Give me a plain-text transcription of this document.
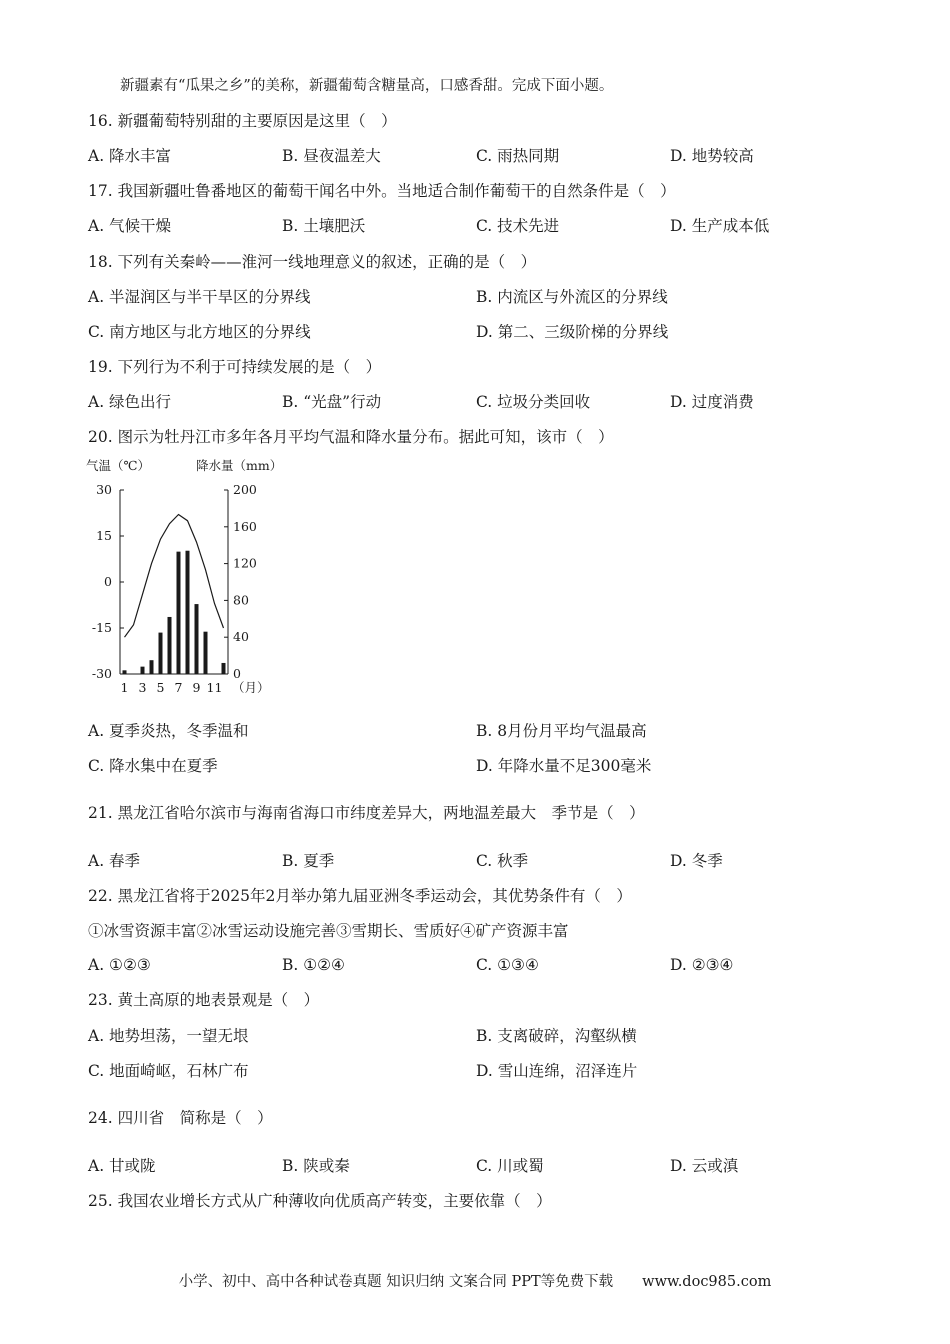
新疆素有“瓜果之乡”的美称，新疆葡萄含糖量高，口感香甜。完成下面小题。
16. 新疆葡萄特别甜的主要原因是这里（　）
A. 降水丰富	B. 昼夜温差大	C. 雨热同期	D. 地势较高
17. 我国新疆吐鲁番地区的葡萄干闻名中外。当地适合制作葡萄干的自然条件是（　）
A. 气候干燥	B. 土壤肥沃	C. 技术先进	D. 生产成本低
18. 下列有关秦岭——淮河一线地理意义的叙述，正确的是（　）
A. 半湿润区与半干旱区的分界线	B. 内流区与外流区的分界线
C. 南方地区与北方地区的分界线	D. 第二、三级阶梯的分界线
19. 下列行为不利于可持续发展的是（　）
A. 绿色出行	B. “光盘”行动	C. 垃圾分类回收	D. 过度消费
20. 图示为牡丹江市多年各月平均气温和降水量分布。据此可知，该市（　）
气温（℃）	降水量（mm）
30
15
0
-15
-30
200
160
120
80
40
0
1 3 5 7 9 11 （月）
A. 夏季炎热，冬季温和	B. 8月份月平均气温最高
C. 降水集中在夏季	D. 年降水量不足300毫米
21. 黑龙江省哈尔滨市与海南省海口市纬度差异大，两地温差最大　季节是（　）
A. 春季	B. 夏季	C. 秋季	D. 冬季
22. 黑龙江省将于2025年2月举办第九届亚洲冬季运动会，其优势条件有（　）
①冰雪资源丰富②冰雪运动设施完善③雪期长、雪质好④矿产资源丰富
A. ①②③	B. ①②④	C. ①③④	D. ②③④
23. 黄土高原的地表景观是（　）
A. 地势坦荡，一望无垠	B. 支离破碎，沟壑纵横
C. 地面崎岖，石林广布	D. 雪山连绵，沼泽连片
24. 四川省　简称是（　）
A. 甘或陇	B. 陕或秦	C. 川或蜀	D. 云或滇
25. 我国农业增长方式从广种薄收向优质高产转变，主要依靠（　）
小学、初中、高中各种试卷真题 知识归纳 文案合同 PPT等免费下载　　www.doc985.com
